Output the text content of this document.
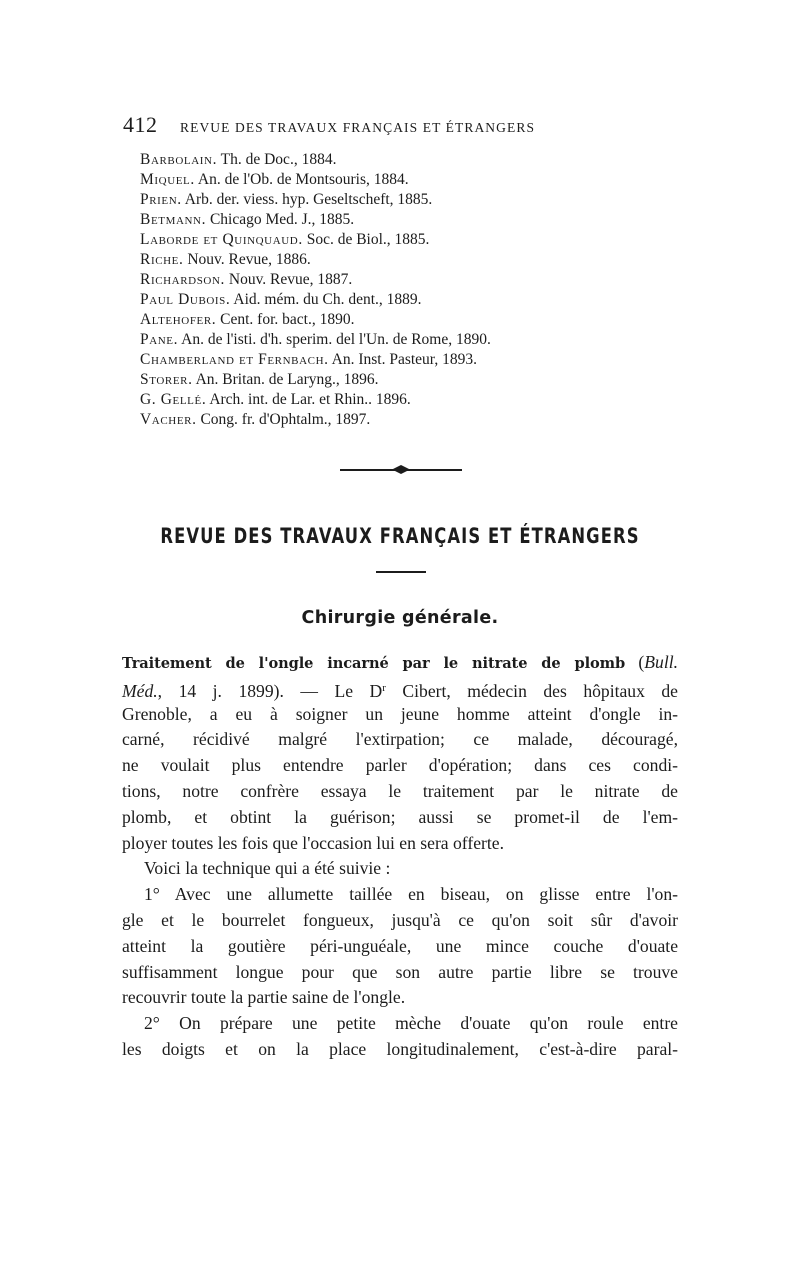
412 REVUE DES TRAVAUX FRANÇAIS ET ÉTRANGERS
Barbolain. Th. de Doc., 1884.
Miquel. An. de l'Ob. de Montsouris, 1884.
Prien. Arb. der. viess. hyp. Geseltscheft, 1885.
Betmann. Chicago Med. J., 1885.
Laborde et Quinquaud. Soc. de Biol., 1885.
Riche. Nouv. Revue, 1886.
Richardson. Nouv. Revue, 1887.
Paul Dubois. Aid. mém. du Ch. dent., 1889.
Altehofer. Cent. for. bact., 1890.
Pane. An. de l'isti. d'h. sperim. del l'Un. de Rome, 1890.
Chamberland et Fernbach. An. Inst. Pasteur, 1893.
Storer. An. Britan. de Laryng., 1896.
G. Gellé. Arch. int. de Lar. et Rhin.. 1896.
Vacher. Cong. fr. d'Ophtalm., 1897.
REVUE DES TRAVAUX FRANÇAIS ET ÉTRANGERS
Chirurgie générale.
Traitement de l'ongle incarné par le nitrate de plomb (Bull.
Méd., 14 j. 1899). — Le $D^r$ Cibert, médecin des hôpitaux de
Grenoble, a eu à soigner un jeune homme atteint d'ongle in-
carné, récidivé malgré l'extirpation; ce malade, découragé,
ne voulait plus entendre parler d'opération; dans ces condi-
tions, notre confrère essaya le traitement par le nitrate de
plomb, et obtint la guérison; aussi se promet-il de l'em-
ployer toutes les fois que l'occasion lui en sera offerte.
Voici la technique qui a été suivie :
1° Avec une allumette taillée en biseau, on glisse entre l'on-
gle et le bourrelet fongueux, jusqu'à ce qu'on soit sûr d'avoir
atteint la goutière péri-unguéale, une mince couche d'ouate
suffisamment longue pour que son autre partie libre se trouve
recouvrir toute la partie saine de l'ongle.
2° On prépare une petite mèche d'ouate qu'on roule entre
les doigts et on la place longitudinalement, c'est-à-dire paral-
